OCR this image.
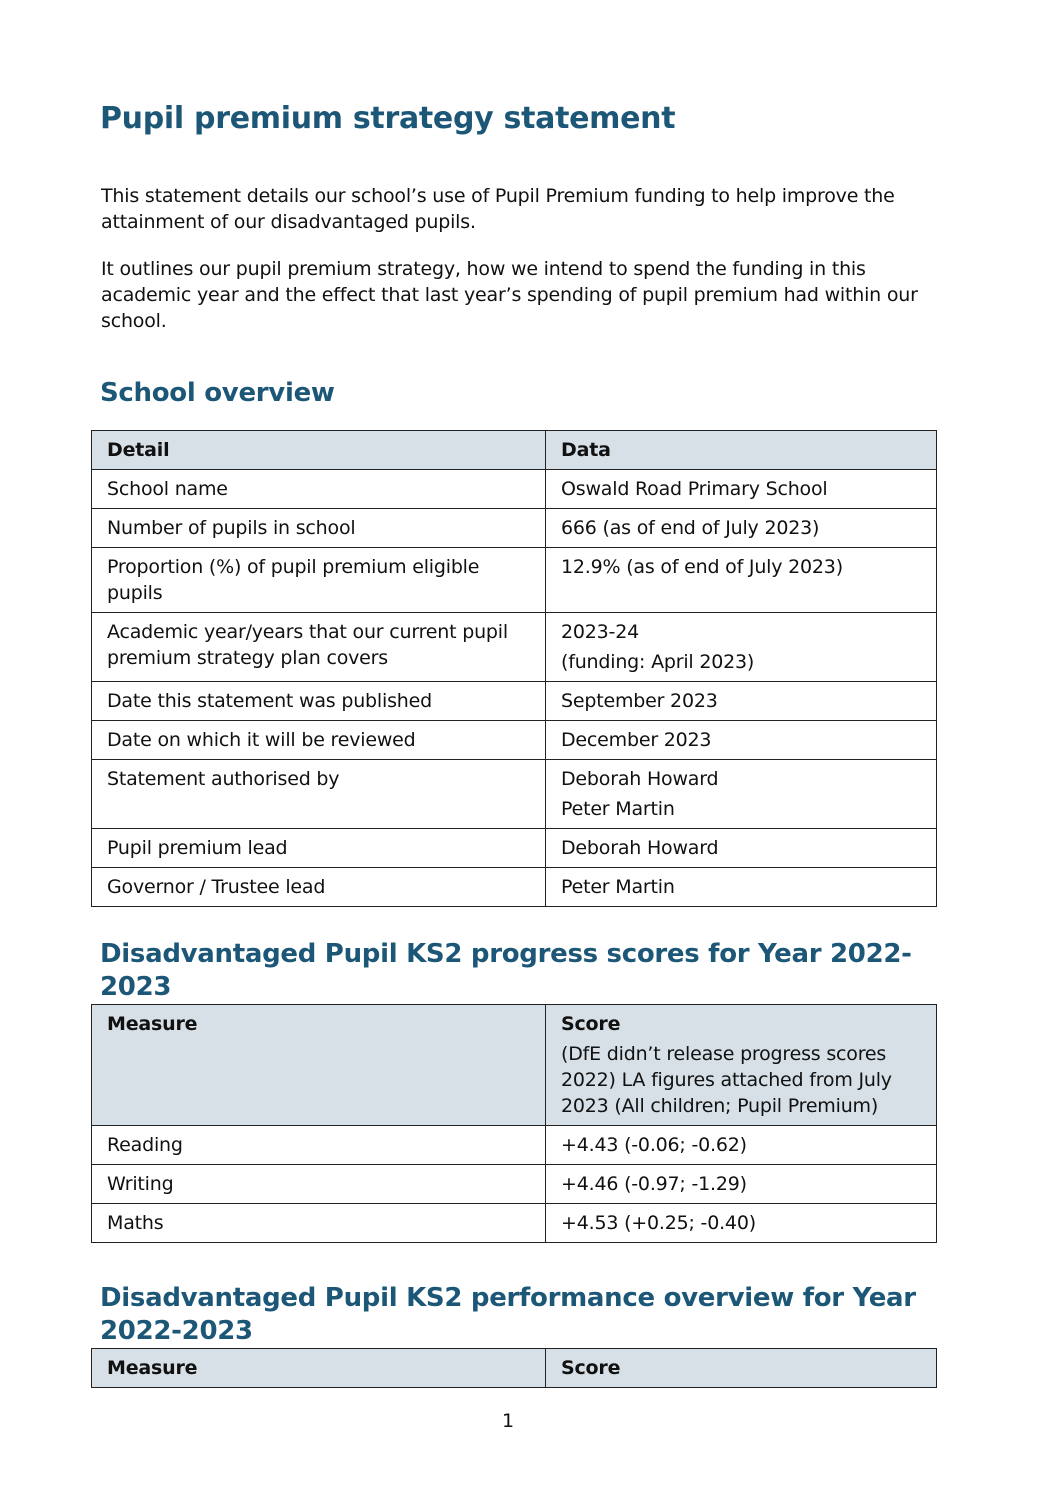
Pupil premium strategy statement

This statement details our school’s use of Pupil Premium funding to help improve the attainment of our disadvantaged pupils.

It outlines our pupil premium strategy, how we intend to spend the funding in this academic year and the effect that last year’s spending of pupil premium had within our school.

School overview
Detail	Data
School name	Oswald Road Primary School
Number of pupils in school	666 (as of end of July 2023)
Proportion (%) of pupil premium eligible pupils	12.9% (as of end of July 2023)
Academic year/years that our current pupil premium strategy plan covers	2023-24
(funding: April 2023)

Date this statement was published	September 2023
Date on which it will be reviewed	December 2023
Statement authorised by	Deborah Howard
Peter Martin

Pupil premium lead	Deborah Howard
Governor / Trustee lead	Peter Martin
Disadvantaged Pupil KS2 progress scores for Year 2022-2023
Measure	Score
(DfE didn’t release progress scores 2022) LA figures attached from July 2023 (All children; Pupil Premium)

Reading	+4.43 (-0.06; -0.62)
Writing	+4.46 (-0.97; -1.29)
Maths	+4.53 (+0.25; -0.40)
Disadvantaged Pupil KS2 performance overview for Year 2022-2023
Measure	Score
1
